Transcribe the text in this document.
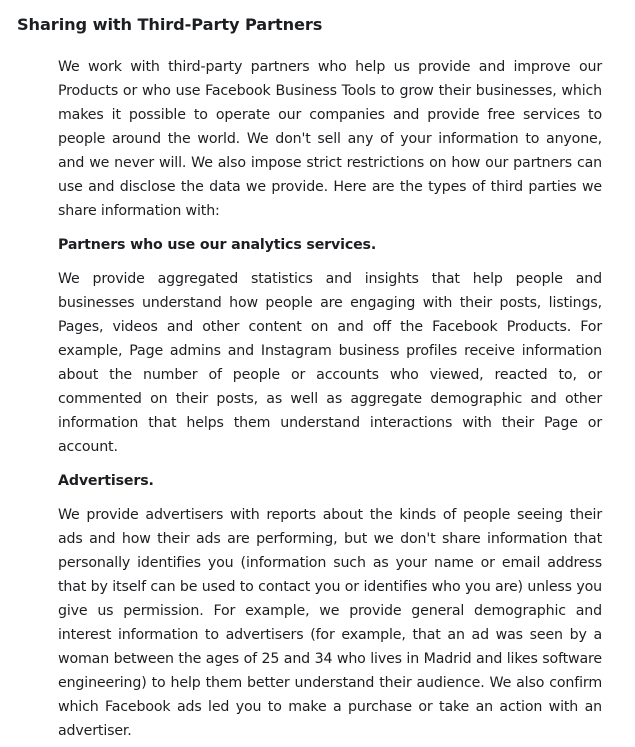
Sharing with Third-Party Partners

We work with third-party partners who help us provide and improve our Products or who use Facebook Business Tools to grow their businesses, which makes it possible to operate our companies and provide free services to people around the world. We don't sell any of your information to anyone, and we never will. We also impose strict restrictions on how our partners can use and disclose the data we provide. Here are the types of third parties we share information with:

Partners who use our analytics services.

We provide aggregated statistics and insights that help people and businesses understand how people are engaging with their posts, listings, Pages, videos and other content on and off the Facebook Products. For example, Page admins and Instagram business profiles receive information about the number of people or accounts who viewed, reacted to, or commented on their posts, as well as aggregate demographic and other information that helps them understand interactions with their Page or account.

Advertisers.

We provide advertisers with reports about the kinds of people seeing their ads and how their ads are performing, but we don't share information that personally identifies you (information such as your name or email address that by itself can be used to contact you or identifies who you are) unless you give us permission. For example, we provide general demographic and interest information to advertisers (for example, that an ad was seen by a woman between the ages of 25 and 34 who lives in Madrid and likes software engineering) to help them better understand their audience. We also confirm which Facebook ads led you to make a purchase or take an action with an advertiser.
